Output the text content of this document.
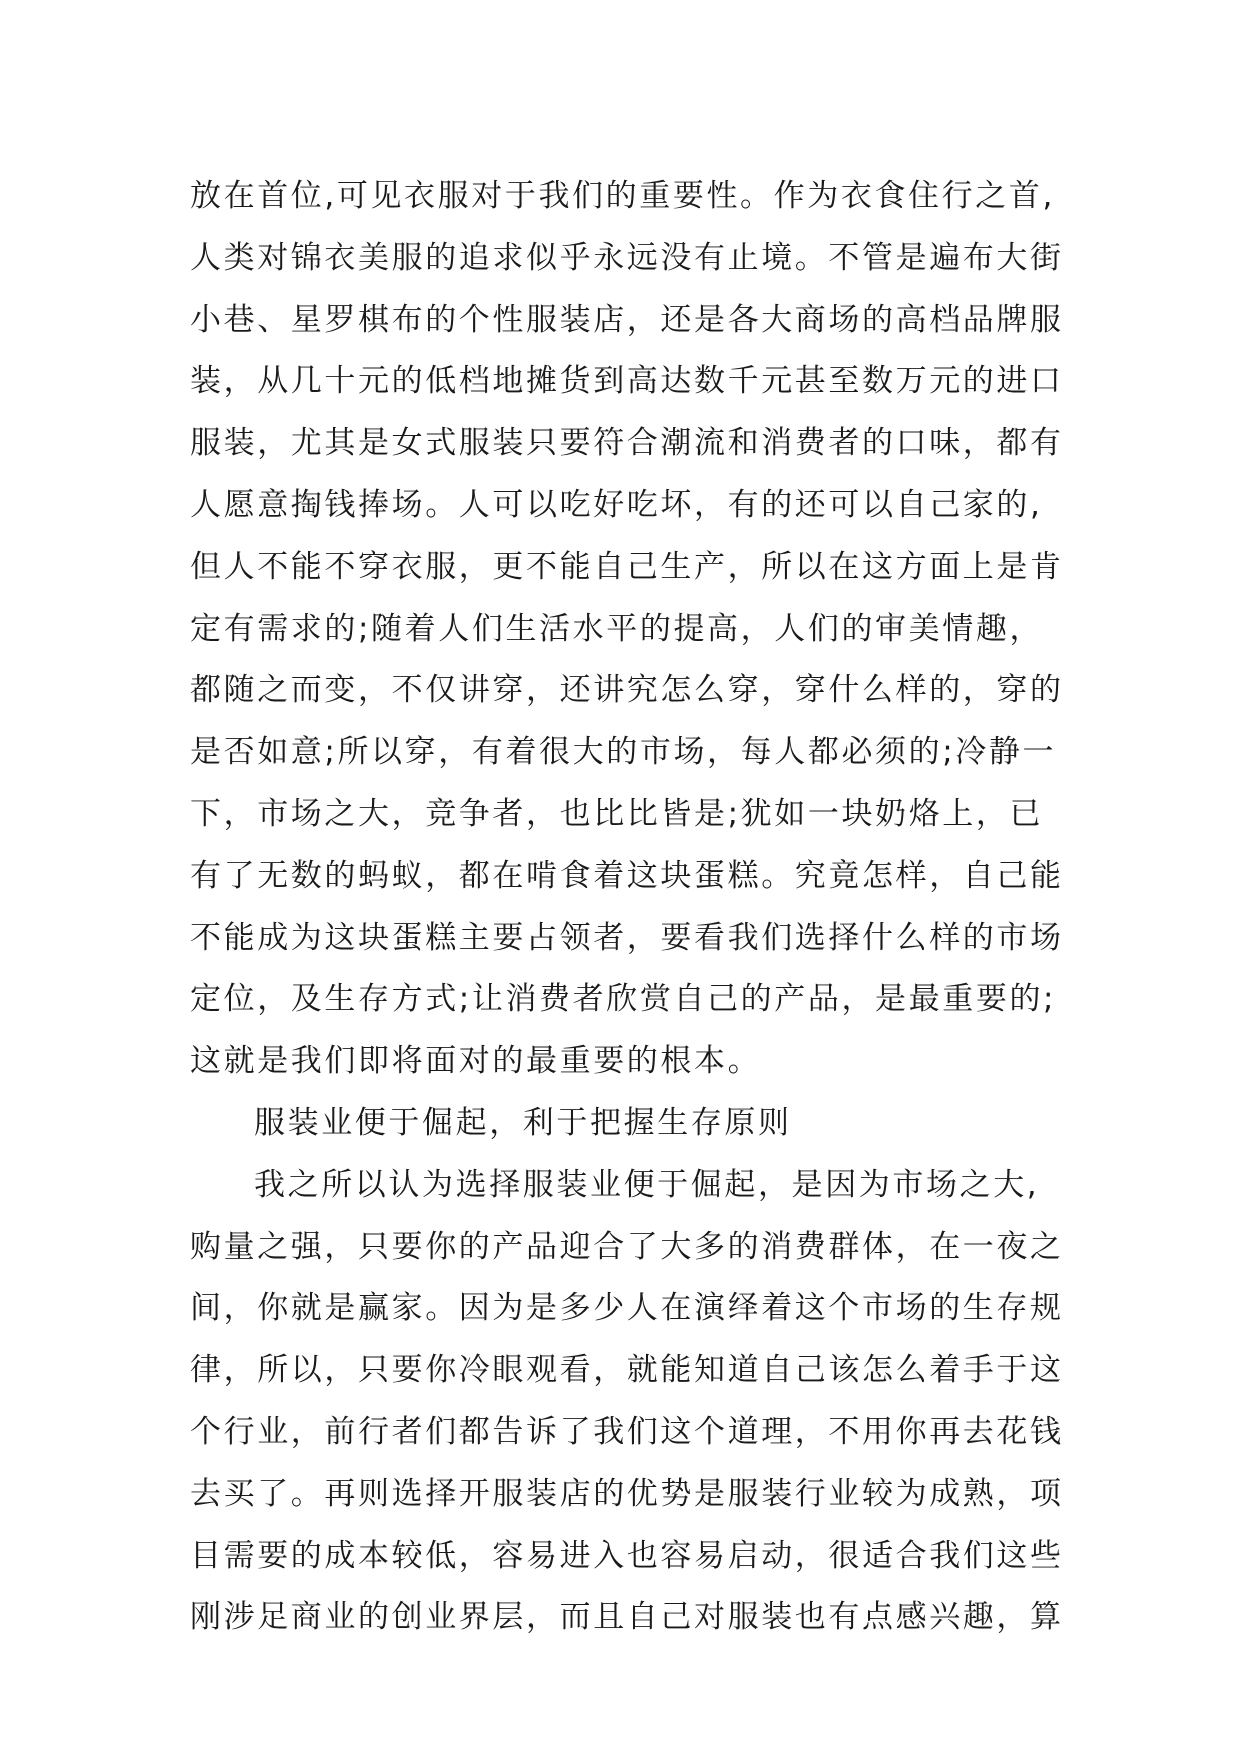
放在首位,可见衣服对于我们的重要性。作为衣食住行之首,
人类对锦衣美服的追求似乎永远没有止境。不管是遍布大街
小巷、星罗棋布的个性服装店，还是各大商场的高档品牌服
装，从几十元的低档地摊货到高达数千元甚至数万元的进口
服装，尤其是女式服装只要符合潮流和消费者的口味，都有
人愿意掏钱捧场。人可以吃好吃坏，有的还可以自己家的,
但人不能不穿衣服，更不能自己生产，所以在这方面上是肯
定有需求的;随着人们生活水平的提高，人们的审美情趣，
都随之而变，不仅讲穿，还讲究怎么穿，穿什么样的，穿的
是否如意;所以穿，有着很大的市场，每人都必须的;冷静一
下，市场之大，竞争者，也比比皆是;犹如一块奶烙上，已
有了无数的蚂蚁，都在啃食着这块蛋糕。究竟怎样，自己能
不能成为这块蛋糕主要占领者，要看我们选择什么样的市场
定位，及生存方式;让消费者欣赏自己的产品，是最重要的;
这就是我们即将面对的最重要的根本。
服装业便于倔起，利于把握生存原则
我之所以认为选择服装业便于倔起，是因为市场之大,
购量之强，只要你的产品迎合了大多的消费群体，在一夜之
间，你就是赢家。因为是多少人在演绎着这个市场的生存规
律，所以，只要你冷眼观看，就能知道自己该怎么着手于这
个行业，前行者们都告诉了我们这个道理，不用你再去花钱
去买了。再则选择开服装店的优势是服装行业较为成熟，项
目需要的成本较低，容易进入也容易启动，很适合我们这些
刚涉足商业的创业界层，而且自己对服装也有点感兴趣，算
